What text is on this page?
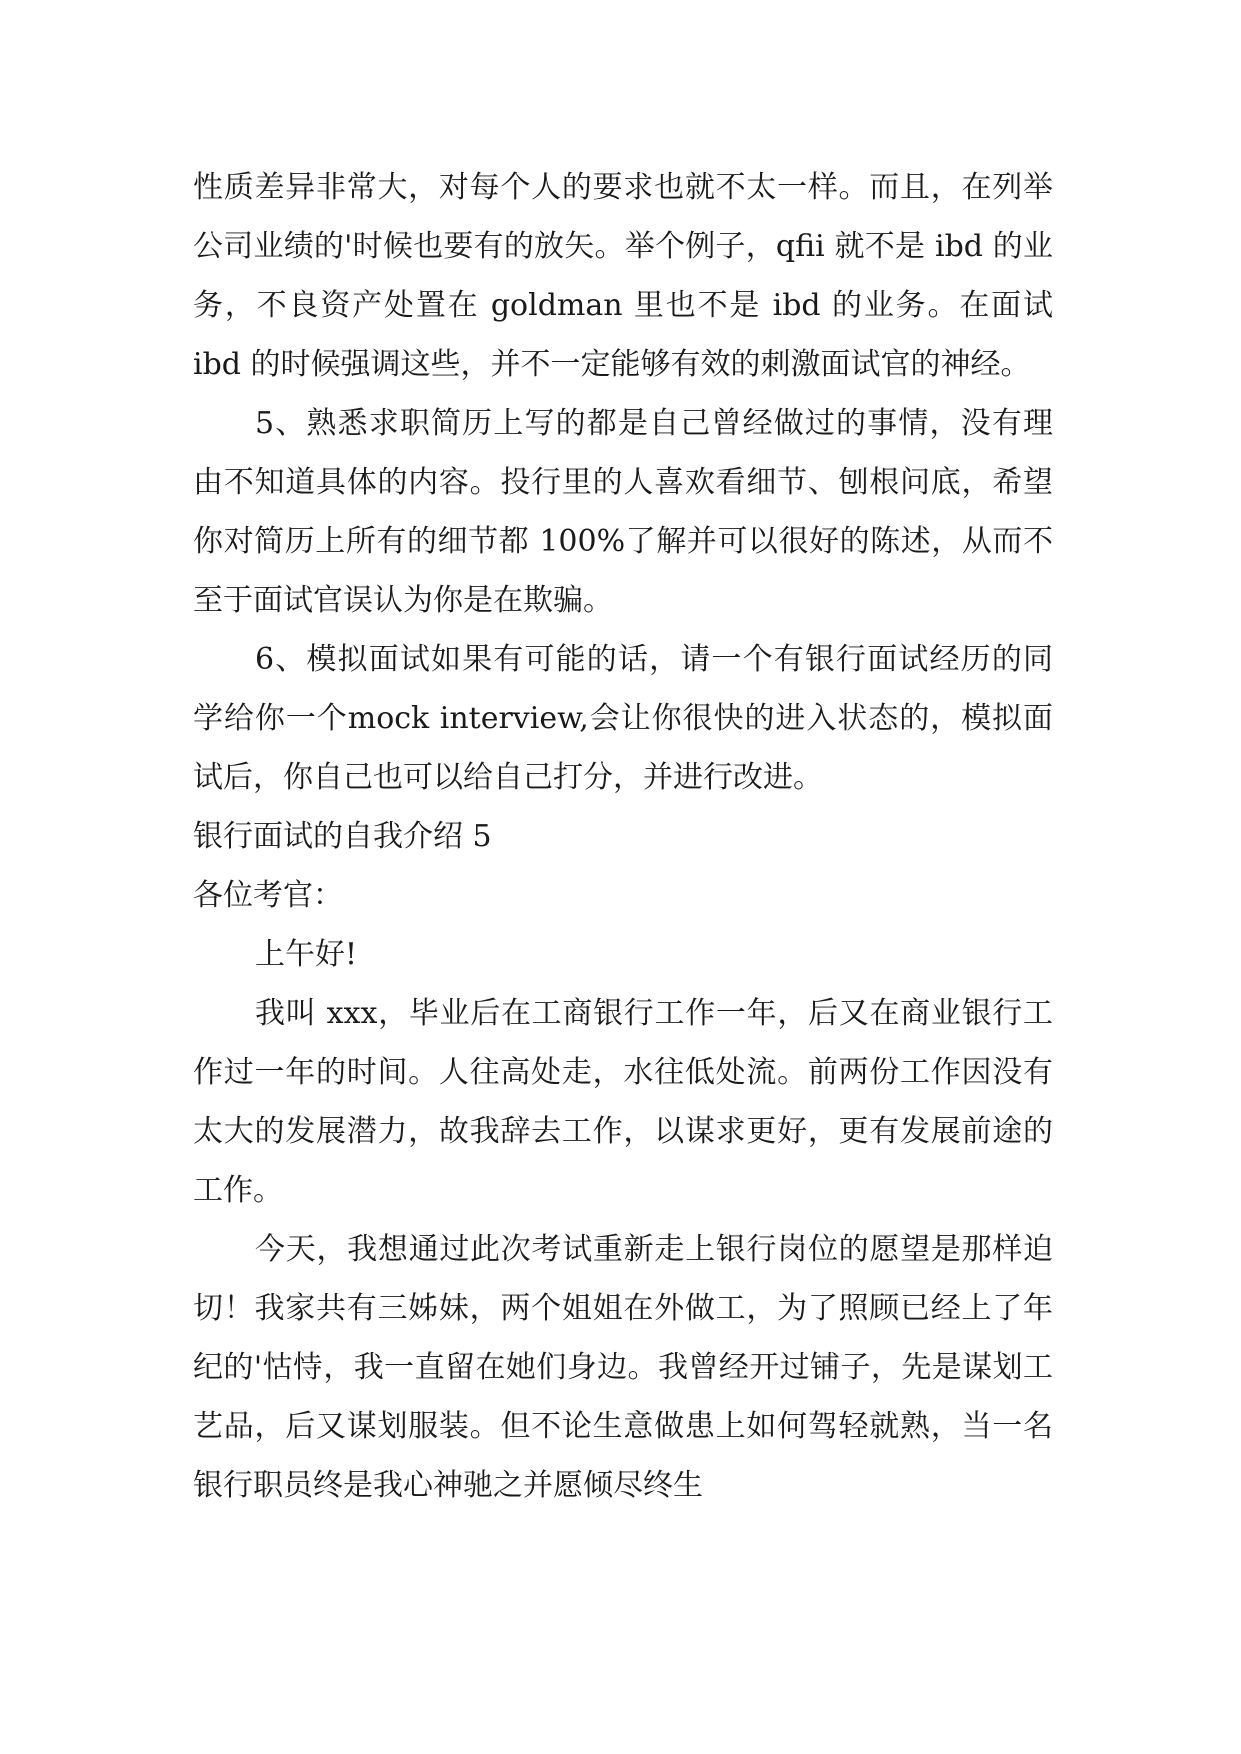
性质差异非常大，对每个人的要求也就不太一样。而且，在列举公司业绩的'时候也要有的放矢。举个例子，qfii 就不是 ibd 的业务，不良资产处置在 goldman 里也不是 ibd 的业务。在面试 ibd 的时候强调这些，并不一定能够有效的刺激面试官的神经。

5、熟悉求职简历上写的都是自己曾经做过的事情，没有理由不知道具体的内容。投行里的人喜欢看细节、刨根问底，希望你对简历上所有的细节都 100%了解并可以很好的陈述，从而不至于面试官误认为你是在欺骗。

6、模拟面试如果有可能的话，请一个有银行面试经历的同学给你一个mock interview,会让你很快的进入状态的，模拟面试后，你自己也可以给自己打分，并进行改进。

银行面试的自我介绍 5

各位考官：

上午好!

我叫 xxx，毕业后在工商银行工作一年，后又在商业银行工作过一年的时间。人往高处走，水往低处流。前两份工作因没有太大的发展潜力，故我辞去工作，以谋求更好，更有发展前途的工作。

今天，我想通过此次考试重新走上银行岗位的愿望是那样迫切！我家共有三姊妹，两个姐姐在外做工，为了照顾已经上了年纪的'怙恃，我一直留在她们身边。我曾经开过铺子，先是谋划工艺品，后又谋划服装。但不论生意做患上如何驾轻就熟，当一名银行职员终是我心神驰之并愿倾尽终生
